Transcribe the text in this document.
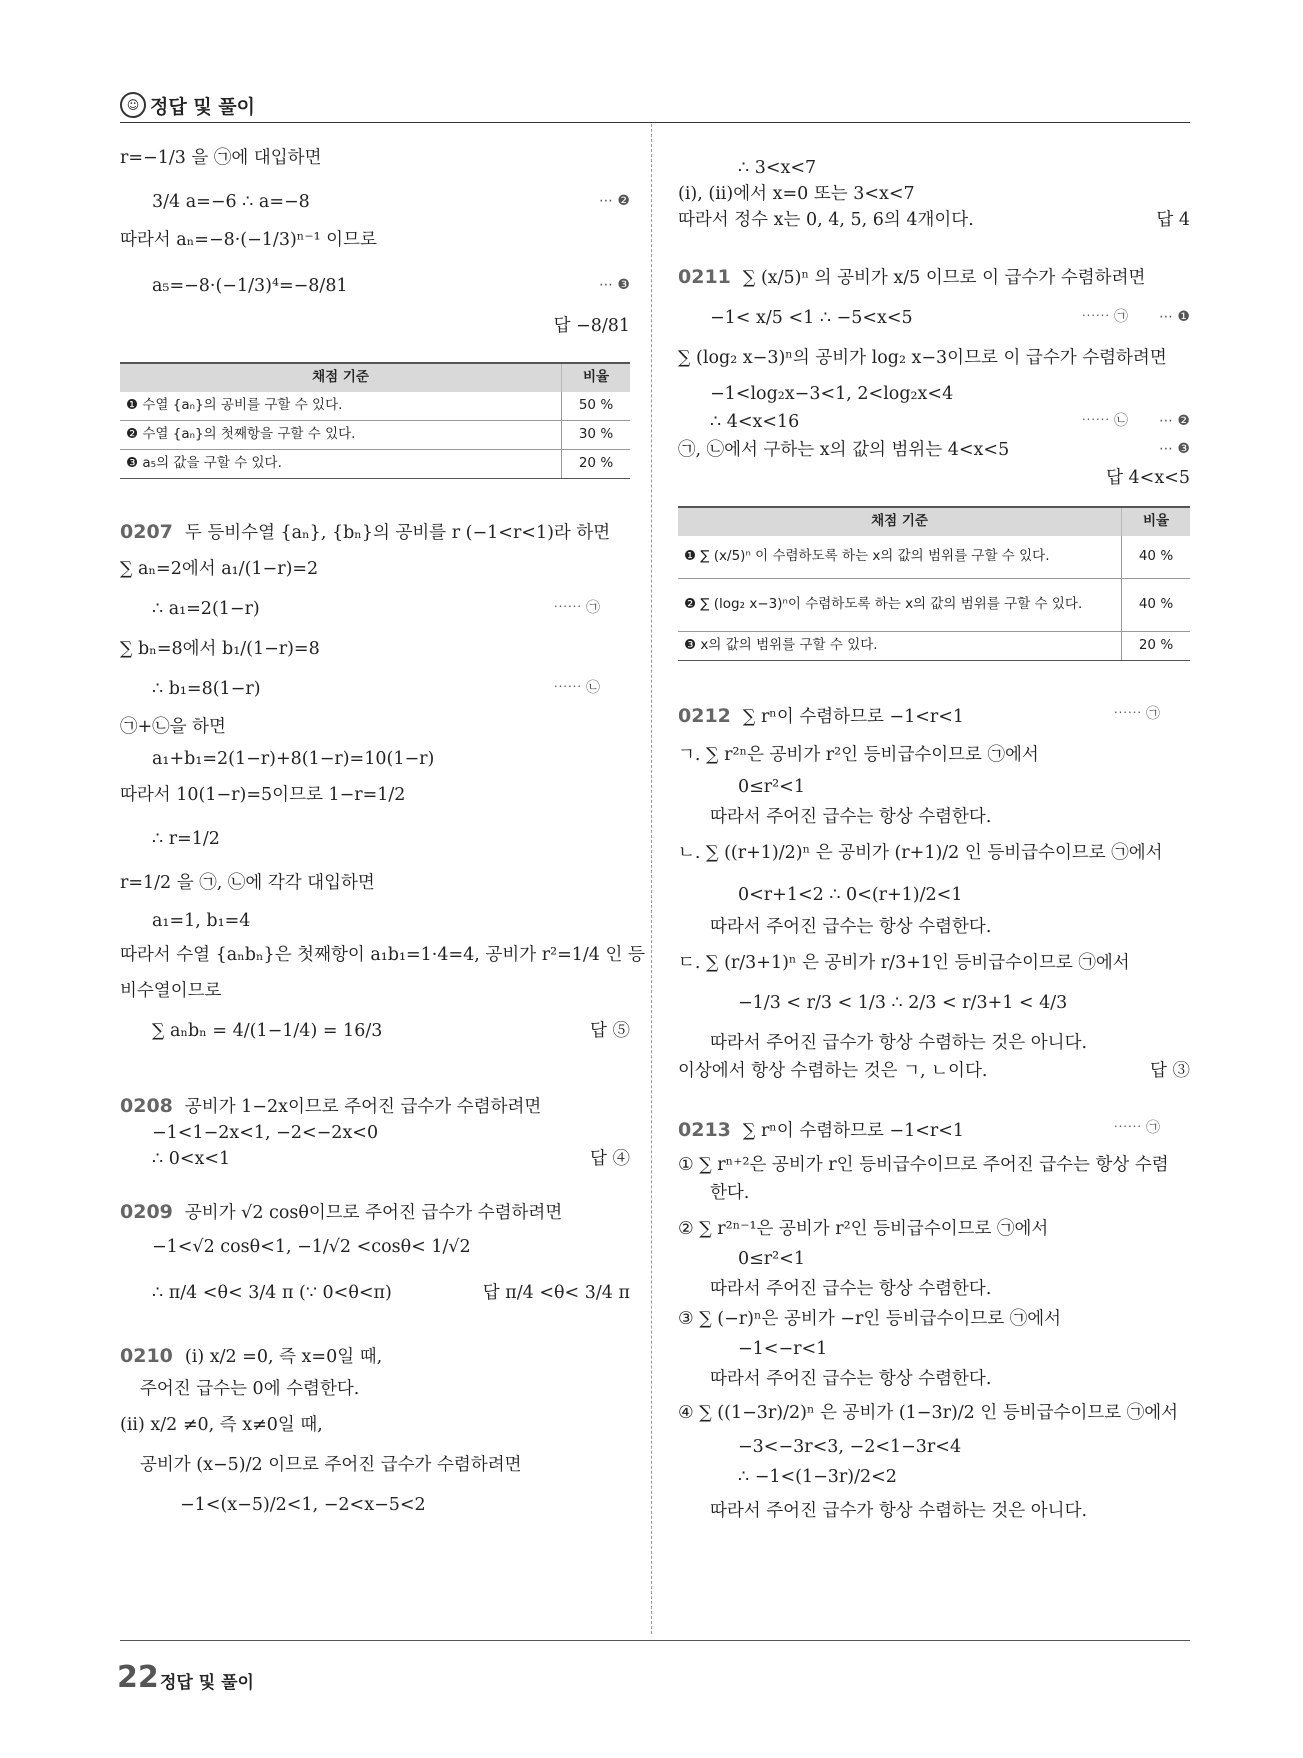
☺ 정답 및 풀이
r=−1/3 을 ㉠에 대입하면
3/4 a=−6 ∴ a=−8	⋯ ❷
따라서 aₙ=−8·(−1/3)ⁿ⁻¹ 이므로
a₅=−8·(−1/3)⁴=−8/81	⋯ ❸
답 −8/81
채점 기준	비율
❶ 수열 {aₙ}의 공비를 구할 수 있다.	50 %
❷ 수열 {aₙ}의 첫째항을 구할 수 있다.	30 %
❸ a₅의 값을 구할 수 있다.	20 %
0207 두 등비수열 {aₙ}, {bₙ}의 공비를 r (−1<r<1)라 하면
∑ aₙ=2에서 a₁/(1−r)=2
∴ a₁=2(1−r)	⋯⋯ ㉠
∑ bₙ=8에서 b₁/(1−r)=8
∴ b₁=8(1−r)	⋯⋯ ㉡
㉠+㉡을 하면
a₁+b₁=2(1−r)+8(1−r)=10(1−r)
따라서 10(1−r)=5이므로 1−r=1/2
∴ r=1/2
r=1/2 을 ㉠, ㉡에 각각 대입하면
a₁=1, b₁=4
따라서 수열 {aₙbₙ}은 첫째항이 a₁b₁=1·4=4, 공비가 r²=1/4 인 등
비수열이므로
∑ aₙbₙ = 4/(1−1/4) = 16/3	답 ⑤
0208 공비가 1−2x이므로 주어진 급수가 수렴하려면
−1<1−2x<1, −2<−2x<0
∴ 0<x<1	답 ④
0209 공비가 √2 cosθ이므로 주어진 급수가 수렴하려면
−1<√2 cosθ<1, −1/√2 <cosθ< 1/√2
∴ π/4 <θ< 3/4 π (∵ 0<θ<π)	답 π/4 <θ< 3/4 π
0210 (i) x/2 =0, 즉 x=0일 때,
주어진 급수는 0에 수렴한다.
(ii) x/2 ≠0, 즉 x≠0일 때,
공비가 (x−5)/2 이므로 주어진 급수가 수렴하려면
−1<(x−5)/2<1, −2<x−5<2
∴ 3<x<7
(i), (ii)에서 x=0 또는 3<x<7
따라서 정수 x는 0, 4, 5, 6의 4개이다.	답 4
0211 ∑ (x/5)ⁿ 의 공비가 x/5 이므로 이 급수가 수렴하려면
−1< x/5 <1 ∴ −5<x<5	⋯⋯ ㉠ ⋯ ❶
∑ (log₂ x−3)ⁿ의 공비가 log₂ x−3이므로 이 급수가 수렴하려면
−1<log₂x−3<1, 2<log₂x<4
∴ 4<x<16	⋯⋯ ㉡ ⋯ ❷
㉠, ㉡에서 구하는 x의 값의 범위는 4<x<5	⋯ ❸
답 4<x<5
채점 기준	비율
❶ ∑ (x/5)ⁿ 이 수렴하도록 하는 x의 값의 범위를 구할 수 있다.	40 %
❷ ∑ (log₂ x−3)ⁿ이 수렴하도록 하는 x의 값의 범위를 구할 수 있다.	40 %
❸ x의 값의 범위를 구할 수 있다.	20 %
0212 ∑ rⁿ이 수렴하므로 −1<r<1	⋯⋯ ㉠
ㄱ. ∑ r²ⁿ은 공비가 r²인 등비급수이므로 ㉠에서
0≤r²<1
따라서 주어진 급수는 항상 수렴한다.
ㄴ. ∑ ((r+1)/2)ⁿ 은 공비가 (r+1)/2 인 등비급수이므로 ㉠에서
0<r+1<2 ∴ 0<(r+1)/2<1
따라서 주어진 급수는 항상 수렴한다.
ㄷ. ∑ (r/3+1)ⁿ 은 공비가 r/3+1인 등비급수이므로 ㉠에서
−1/3 < r/3 < 1/3 ∴ 2/3 < r/3+1 < 4/3
따라서 주어진 급수가 항상 수렴하는 것은 아니다.
이상에서 항상 수렴하는 것은 ㄱ, ㄴ이다.	답 ③
0213 ∑ rⁿ이 수렴하므로 −1<r<1	⋯⋯ ㉠
① ∑ rⁿ⁺²은 공비가 r인 등비급수이므로 주어진 급수는 항상 수렴
한다.
② ∑ r²ⁿ⁻¹은 공비가 r²인 등비급수이므로 ㉠에서
0≤r²<1
따라서 주어진 급수는 항상 수렴한다.
③ ∑ (−r)ⁿ은 공비가 −r인 등비급수이므로 ㉠에서
−1<−r<1
따라서 주어진 급수는 항상 수렴한다.
④ ∑ ((1−3r)/2)ⁿ 은 공비가 (1−3r)/2 인 등비급수이므로 ㉠에서
−3<−3r<3, −2<1−3r<4
∴ −1<(1−3r)/2<2
따라서 주어진 급수가 항상 수렴하는 것은 아니다.
22 정답 및 풀이
